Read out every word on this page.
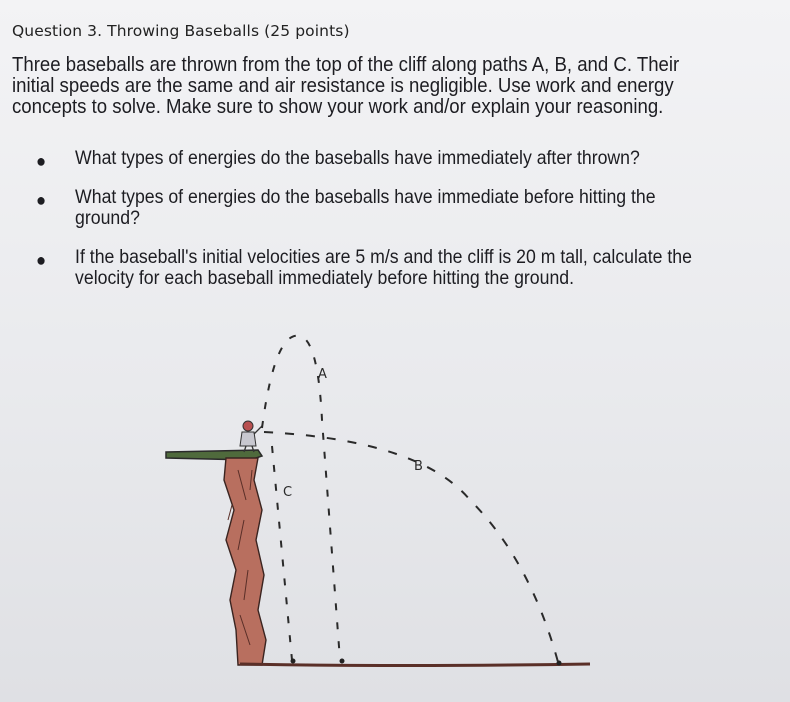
Question 3. Throwing Baseballs (25 points)
Three baseballs are thrown from the top of the cliff along paths A, B, and C. Their initial speeds are the same and air resistance is negligible. Use work and energy concepts to solve. Make sure to show your work and/or explain your reasoning.
● What types of energies do the baseballs have immediately after thrown?
● What types of energies do the baseballs have immediate before hitting the ground?
● If the baseball's initial velocities are 5 m/s and the cliff is 20 m tall, calculate the velocity for each baseball immediately before hitting the ground.
A
B
C
